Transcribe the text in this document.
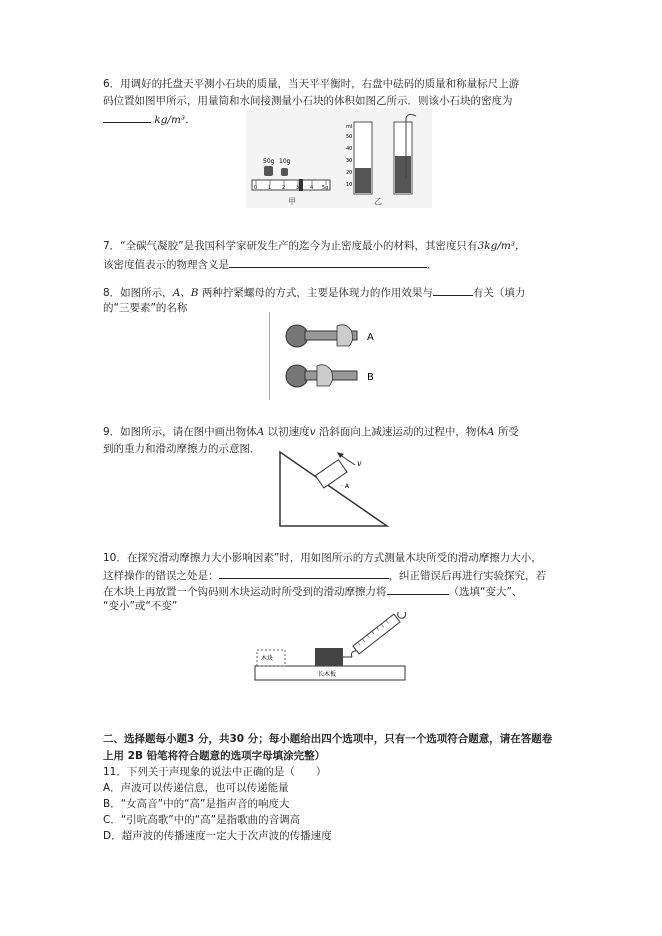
6．用调好的托盘天平测小石块的质量，当天平平衡时，右盘中砝码的质量和称量标尺上游
码位置如图甲所示，用量筒和水间接测量小石块的体积如图乙所示．则该小石块的密度为
kg/m³．
50g 10g
0 1 2 3 4 5g
甲
ml
50
40
30
20
10
乙
7．“全碳气凝胶”是我国科学家研发生产的迄今为止密度最小的材料，其密度只有3kg/m³，
该密度值表示的物理含义是	．
8．如图所示，A、B 两种拧紧螺母的方式，主要是体现力的作用效果与	有关（填力
的“三要素”的名称
A
B
9．如图所示，请在图中画出物体A 以初速度v 沿斜面向上减速运动的过程中，物体A 所受
到的重力和滑动摩擦力的示意图．
· A
v
10．在探究滑动摩擦力大小影响因素”时，用如图所示的方式测量木块所受的滑动摩擦力大小，
这样操作的错误之处是：	，纠正错误后再进行实验探究，若
在木块上再放置一个钩码则木块运动时所受到的滑动摩擦力将	（选填“变大”、
“变小”或“不变”
长木板
木块
二、选择题每小题3 分，共30 分；每小题给出四个选项中，只有一个选项符合题意，请在答题卷
上用 2B 铅笔将符合题意的选项字母填涂完整）
11．下列关于声现象的说法中正确的是（　　）
A．声波可以传递信息，也可以传递能量
B．“女高音”中的“高”是指声音的响度大
C．“引吭高歌”中的“高”是指歌曲的音调高
D．超声波的传播速度一定大于次声波的传播速度
